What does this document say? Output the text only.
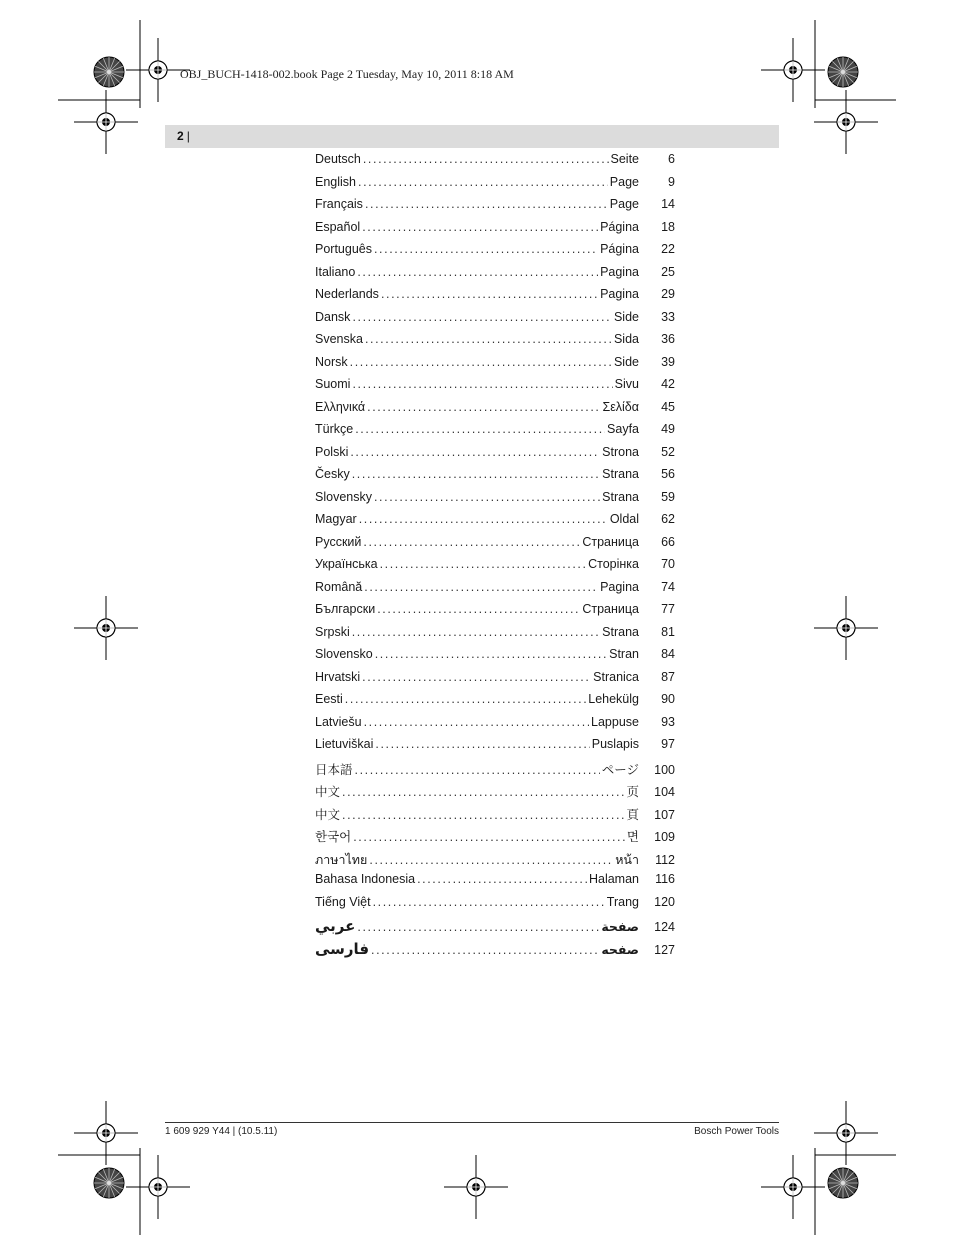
OBJ_BUCH-1418-002.book Page 2 Tuesday, May 10, 2011 8:18 AM
2 |
Deutsch .....	Seite	6
English .....	Page	9
Français .....	Page	14
Español .....	Página	18
Português .....	Página	22
Italiano .....	Pagina	25
Nederlands .....	Pagina	29
Dansk .....	Side	33
Svenska .....	Sida	36
Norsk .....	Side	39
Suomi .....	Sivu	42
Ελληνικά .....	Σελίδα	45
Türkçe .....	Sayfa	49
Polski .....	Strona	52
Česky .....	Strana	56
Slovensky .....	Strana	59
Magyar .....	Oldal	62
Русский .....	Страница	66
Українська .....	Сторінка	70
Română .....	Pagina	74
Български .....	Страница	77
Srpski .....	Strana	81
Slovensko .....	Stran	84
Hrvatski .....	Stranica	87
Eesti .....	Lehekülg	90
Latviešu .....	Lappuse	93
Lietuviškai .....	Puslapis	97
日本語 .....	ページ	100
中文 .....	页	104
中文 .....	頁	107
한국어 .....	면	109
ภาษาไทย .....	หน้า	112
Bahasa Indonesia .....	Halaman	116
Tiếng Việt .....	Trang	120
عربي .....	صفحة	124
فارسی .....	صفحه	127
1 609 929 Y44 | (10.5.11)	Bosch Power Tools
